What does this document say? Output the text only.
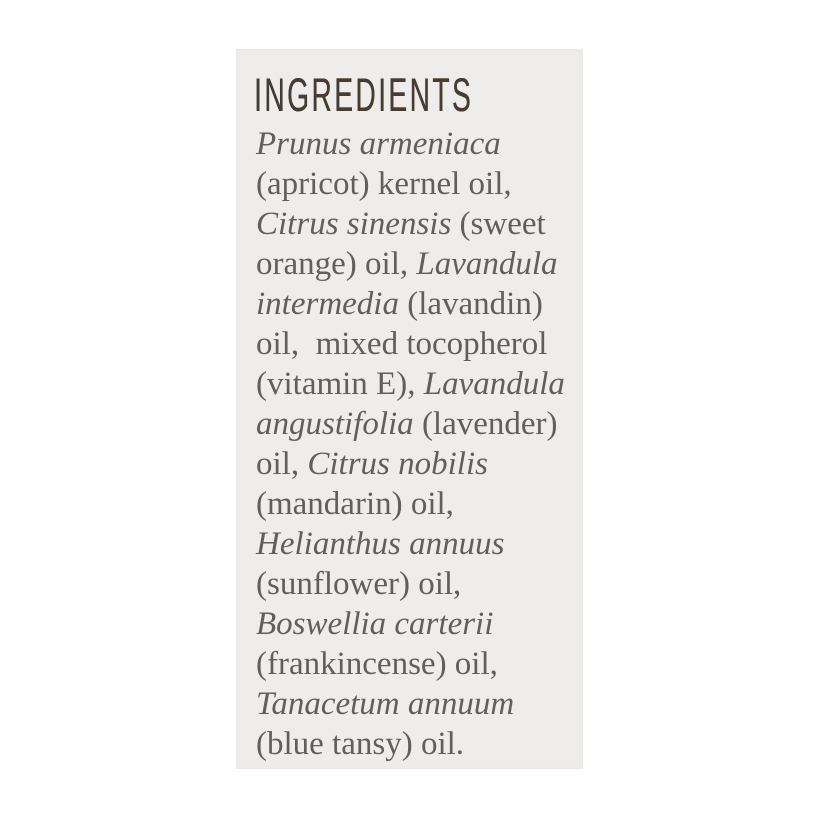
INGREDIENTS
Prunus armeniaca
(apricot) kernel oil,
Citrus sinensis (sweet
orange) oil, Lavandula
intermedia (lavandin)
oil,  mixed tocopherol
(vitamin E), Lavandula
angustifolia (lavender)
oil, Citrus nobilis
(mandarin) oil,
Helianthus annuus
(sunflower) oil,
Boswellia carterii
(frankincense) oil,
Tanacetum annuum
(blue tansy) oil.
